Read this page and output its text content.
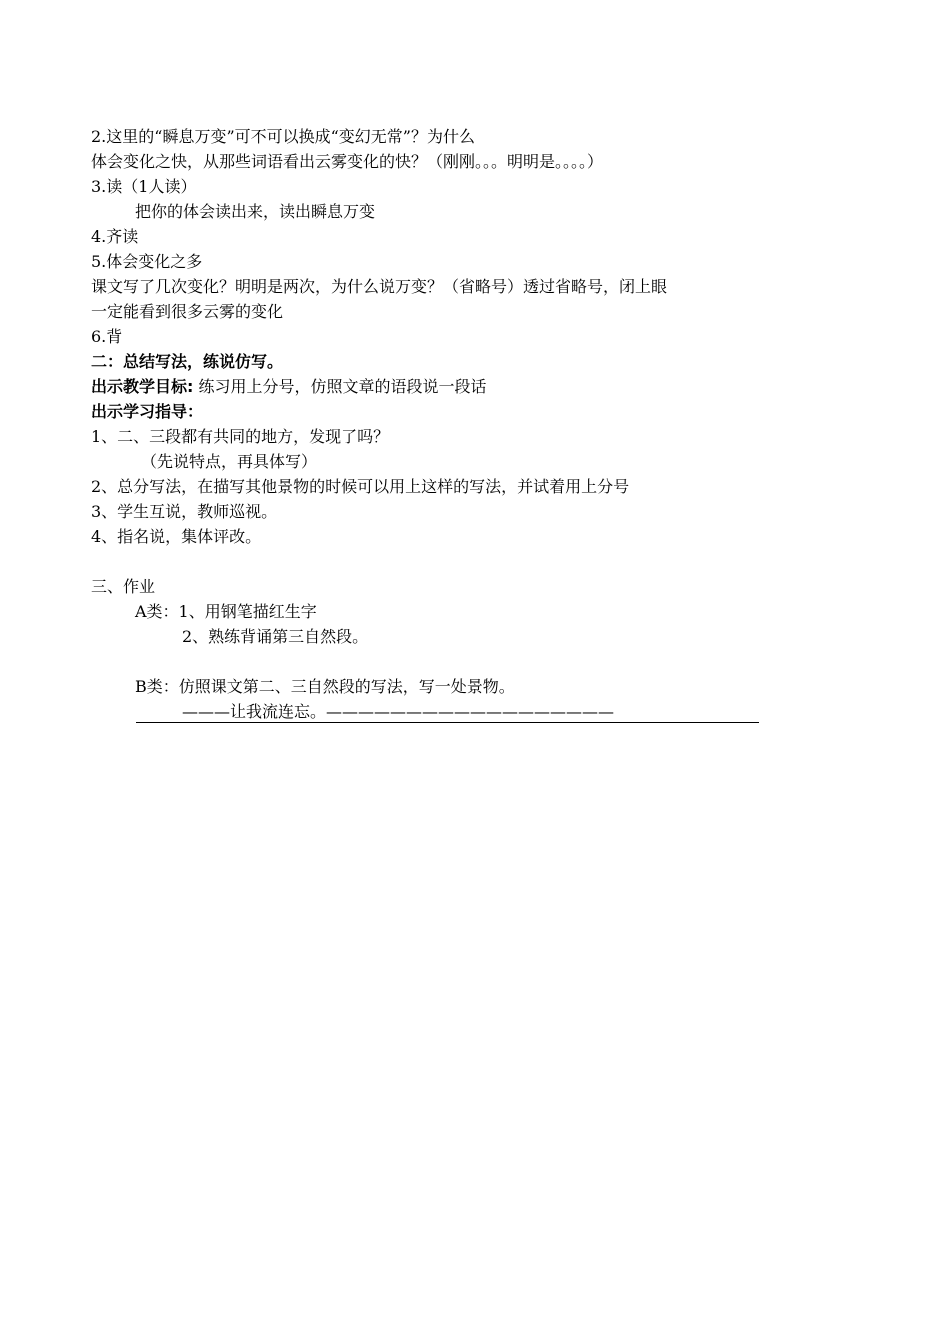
2.这里的“瞬息万变”可不可以换成“变幻无常”？为什么
体会变化之快，从那些词语看出云雾变化的快？（刚刚。。。明明是。。。。）
3.读（1人读）
把你的体会读出来，读出瞬息万变
4.齐读
5.体会变化之多
课文写了几次变化？明明是两次，为什么说万变？（省略号）透过省略号，闭上眼
一定能看到很多云雾的变化
6.背
二：总结写法，练说仿写。
出示教学目标: 练习用上分号，仿照文章的语段说一段话
出示学习指导：
1、二、三段都有共同的地方，发现了吗？
（先说特点，再具体写）
2、总分写法，在描写其他景物的时候可以用上这样的写法，并试着用上分号
3、学生互说，教师巡视。
4、指名说，集体评改。
三、作业
A类：1、用钢笔描红生字
2、熟练背诵第三自然段。
B类：仿照课文第二、三自然段的写法，写一处景物。
———让我流连忘。——————————————————
